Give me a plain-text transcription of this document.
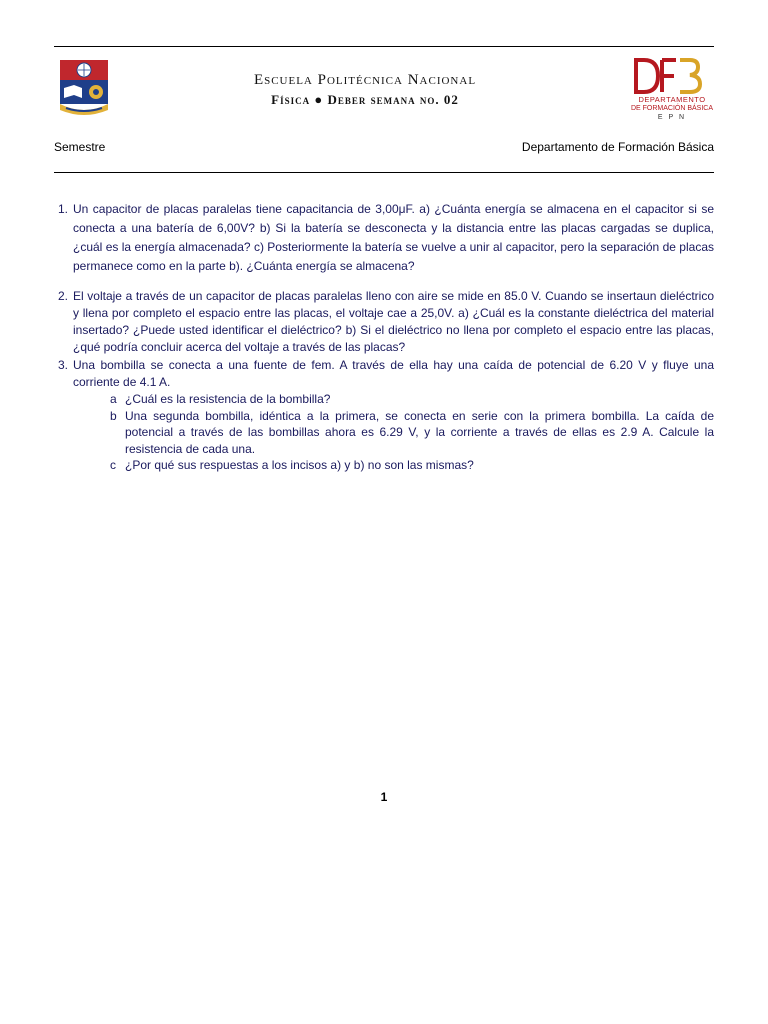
Escuela Politécnica Nacional
Física ● Deber semana no. 02	DEPARTAMENTO
DE FORMACIÓN BÁSICA
E P N
Semestre	Departamento de Formación Básica
1. Un capacitor de placas paralelas tiene capacitancia de 3,00μF. a) ¿Cuánta energía se almacena en el capacitor si se conecta a una batería de 6,00V? b) Si la batería se desconecta y la distancia entre las placas cargadas se duplica, ¿cuál es la energía almacenada? c) Posteriormente la batería se vuelve a unir al capacitor, pero la separación de placas permanece como en la parte b). ¿Cuánta energía se almacena?
2. El voltaje a través de un capacitor de placas paralelas lleno con aire se mide en 85.0 V. Cuando se insertaun dieléctrico y llena por completo el espacio entre las placas, el voltaje cae a 25,0V. a) ¿Cuál es la constante dieléctrica del material insertado? ¿Puede usted identificar el dieléctrico? b) Si el dieléctrico no llena por completo el espacio entre las placas, ¿qué podría concluir acerca del voltaje a través de las placas?
3. Una bombilla se conecta a una fuente de fem. A través de ella hay una caída de potencial de 6.20 V y fluye una corriente de 4.1 A.
a ¿Cuál es la resistencia de la bombilla?
b Una segunda bombilla, idéntica a la primera, se conecta en serie con la primera bombilla. La caída de potencial a través de las bombillas ahora es 6.29 V, y la corriente a través de ellas es 2.9 A. Calcule la resistencia de cada una.
c ¿Por qué sus respuestas a los incisos a) y b) no son las mismas?
1
